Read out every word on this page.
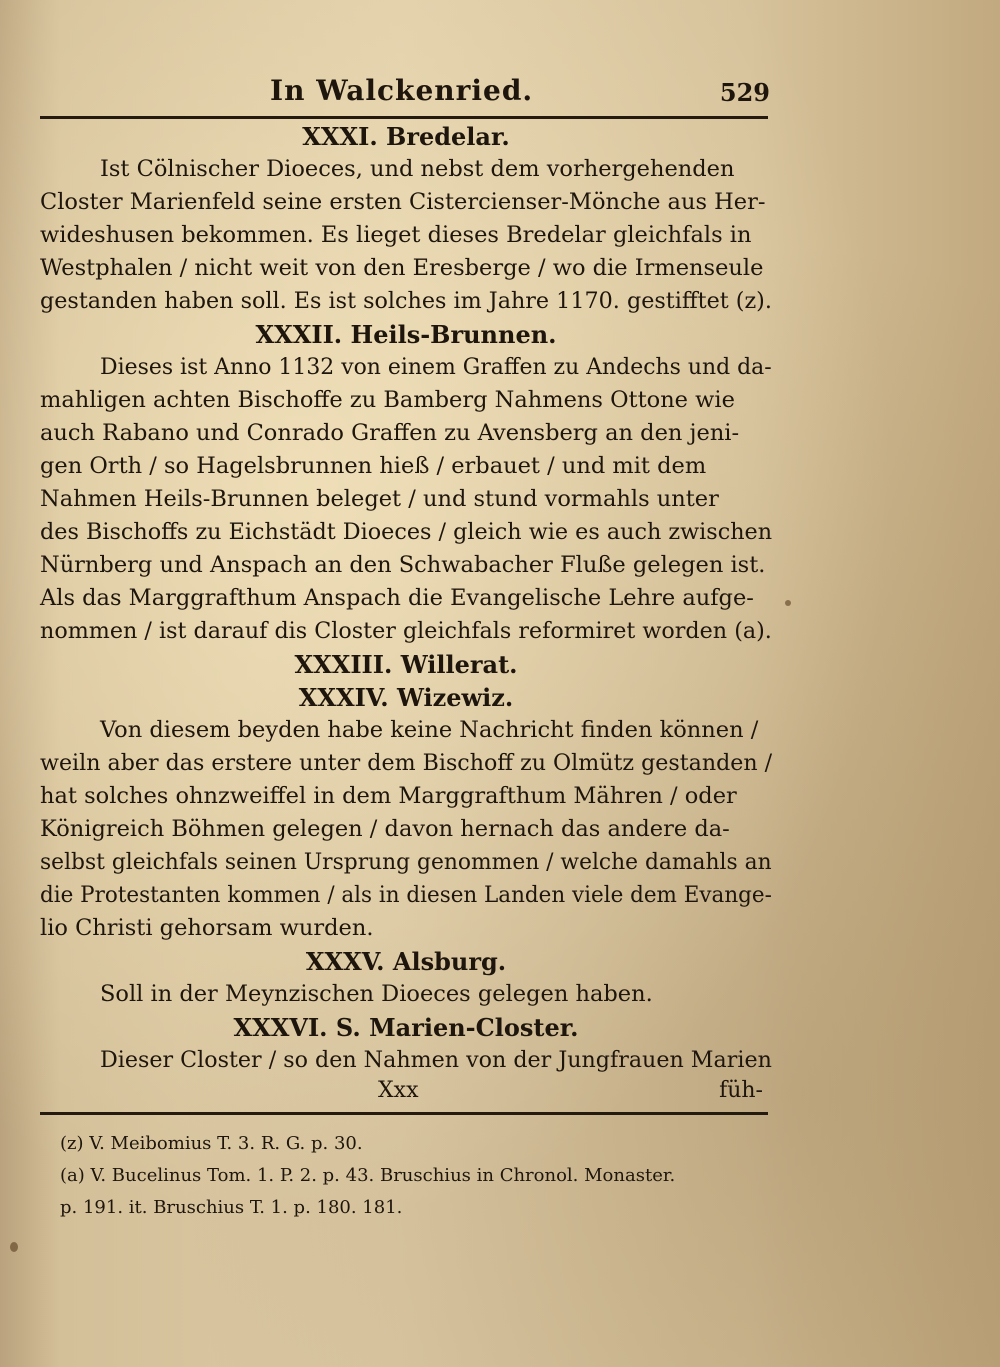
In Walckenried.	529
XXXI. Bredelar.
Ist Cölnischer Dioeces, und nebst dem vorhergehenden
Closter Marienfeld seine ersten Cistercienser-Mönche aus Her-
wideshusen bekommen. Es lieget dieses Bredelar gleichfals in
Westphalen / nicht weit von den Eresberge / wo die Irmenseule
gestanden haben soll. Es ist solches im Jahre 1170. gestifftet (z).
XXXII. Heils-Brunnen.
Dieses ist Anno 1132 von einem Graffen zu Andechs und da-
mahligen achten Bischoffe zu Bamberg Nahmens Ottone wie
auch Rabano und Conrado Graffen zu Avensberg an den jeni-
gen Orth / so Hagelsbrunnen hieß / erbauet / und mit dem
Nahmen Heils-Brunnen beleget / und stund vormahls unter
des Bischoffs zu Eichstädt Dioeces / gleich wie es auch zwischen
Nürnberg und Anspach an den Schwabacher Fluße gelegen ist.
Als das Marggrafthum Anspach die Evangelische Lehre aufge-
nommen / ist darauf dis Closter gleichfals reformiret worden (a).
XXXIII. Willerat.
XXXIV. Wizewiz.
Von diesem beyden habe keine Nachricht finden können /
weiln aber das erstere unter dem Bischoff zu Olmütz gestanden /
hat solches ohnzweiffel in dem Marggrafthum Mähren / oder
Königreich Böhmen gelegen / davon hernach das andere da-
selbst gleichfals seinen Ursprung genommen / welche damahls an
die Protestanten kommen / als in diesen Landen viele dem Evange-
lio Christi gehorsam wurden.
XXXV. Alsburg.
Soll in der Meynzischen Dioeces gelegen haben.
XXXVI. S. Marien-Closter.
Dieser Closter / so den Nahmen von der Jungfrauen Marien
Xxx	füh-
(z) V. Meibomius T. 3. R. G. p. 30.
(a) V. Bucelinus Tom. 1. P. 2. p. 43. Bruschius in Chronol. Monaster.
p. 191. it. Bruschius T. 1. p. 180. 181.
